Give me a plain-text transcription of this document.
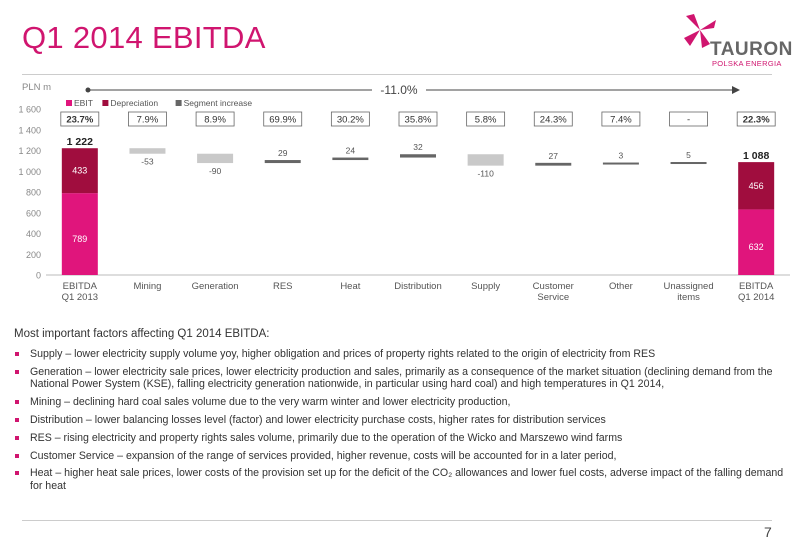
Q1 2014 EBITDA	TAURON
POLSKA ENERGIA
PLN m	-11.0%
0
200
400
600
800
1 000
1 200
1 400
1 600
EBIT Depreciation	Segment increase
23.7%	7.9%	8.9%	69.9%	30.2%	35.8%	5.8%	24.3%	7.4%	-	22.3%
789
433
1 222
632
456
1 088
-53
-90
29	24	32
-110
27	3	5
EBITDA Q1 2013
Mining	Generation	RES	Heat	Distribution	Supply	Customer Service
Other	Unassigned items
EBITDA Q1 2014
Most important factors affecting Q1 2014 EBITDA:
Supply – lower electricity supply volume yoy, higher obligation and prices of property rights related to the origin of electricity from RES
Generation – lower electricity sale prices, lower electricity production and sales, primarily as a consequence of the market situation (declining demand from the National Power System (KSE), falling electricity generation nationwide, in particular using hard coal) and high temperatures in Q1 2014,
Mining – declining hard coal sales volume due to the very warm winter and lower electricity production,
Distribution – lower balancing losses level (factor) and lower electricity purchase costs, higher rates for distribution services
RES – rising electricity and property rights sales volume, primarily due to the operation of the Wicko and Marszewo wind farms
Customer Service – expansion of the range of services provided, higher revenue, costs will be accounted for in a later period,
Heat – higher heat sale prices, lower costs of the provision set up for the deficit of the CO₂ allowances and lower fuel costs, adverse impact of the falling demand for heat
7
